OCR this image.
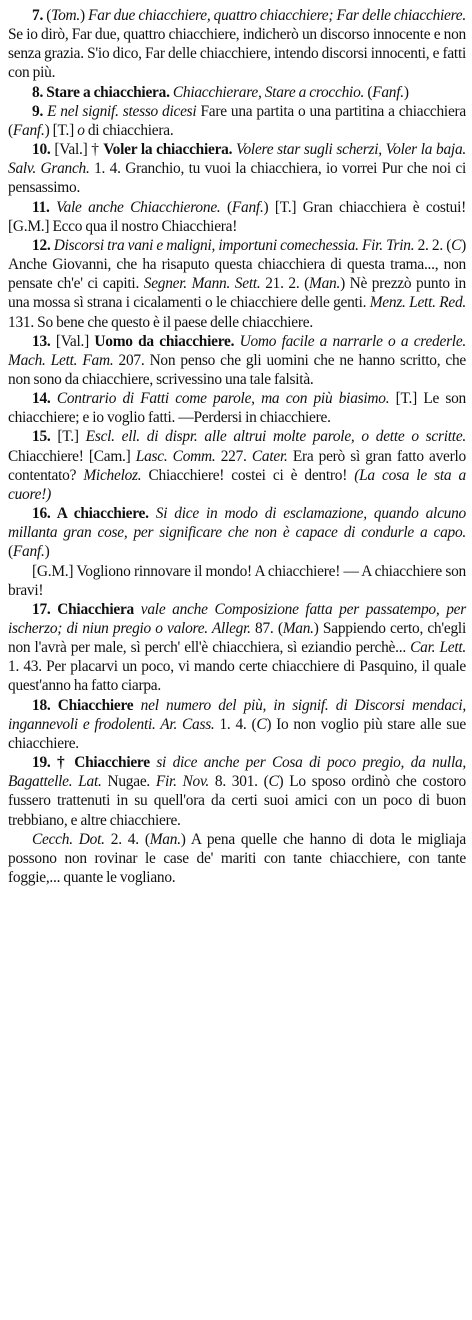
7. (Tom.) Far due chiacchiere, quattro chiacchiere; Far delle chiacchiere. Se io dirò, Far due, quattro chiacchiere, indicherò un discorso innocente e non senza grazia. S'io dico, Far delle chiacchiere, intendo discorsi innocenti, e fatti con più.

8. Stare a chiacchiera. Chiacchierare, Stare a crocchio. (Fanf.)

9. E nel signif. stesso dicesi Fare una partita o una partitina a chiacchiera (Fanf.) [T.] o di chiacchiera.

10. [Val.] † Voler la chiacchiera. Volere star sugli scherzi, Voler la baja. Salv. Granch. 1. 4. Granchio, tu vuoi la chiacchiera, io vorrei Pur che noi ci pensassimo.

11. Vale anche Chiacchierone. (Fanf.) [T.] Gran chiacchiera è costui! [G.M.] Ecco qua il nostro Chiacchiera!

12. Discorsi tra vani e maligni, importuni comechessia. Fir. Trin. 2. 2. (C) Anche Giovanni, che ha risaputo questa chiacchiera di questa trama..., non pensate ch'e' ci capiti. Segner. Mann. Sett. 21. 2. (Man.) Nè prezzò punto in una mossa sì strana i cicalamenti o le chiacchiere delle genti. Menz. Lett. Red. 131. So bene che questo è il paese delle chiacchiere.

13. [Val.] Uomo da chiacchiere. Uomo facile a narrarle o a crederle. Mach. Lett. Fam. 207. Non penso che gli uomini che ne hanno scritto, che non sono da chiacchiere, scrivessino una tale falsità.

14. Contrario di Fatti come parole, ma con più biasimo. [T.] Le son chiacchiere; e io voglio fatti. —Perdersi in chiacchiere.

15. [T.] Escl. ell. di dispr. alle altrui molte parole, o dette o scritte. Chiacchiere! [Cam.] Lasc. Comm. 227. Cater. Era però sì gran fatto averlo contentato? Micheloz. Chiacchiere! costei ci è dentro! (La cosa le sta a cuore!)

16. A chiacchiere. Si dice in modo di esclamazione, quando alcuno millanta gran cose, per significare che non è capace di condurle a capo. (Fanf.)

[G.M.] Vogliono rinnovare il mondo! A chiacchiere! — A chiacchiere son bravi!

17. Chiacchiera vale anche Composizione fatta per passatempo, per ischerzo; di niun pregio o valore. Allegr. 87. (Man.) Sappiendo certo, ch'egli non l'avrà per male, sì perch' ell'è chiacchiera, sì eziandio perchè... Car. Lett. 1. 43. Per placarvi un poco, vi mando certe chiacchiere di Pasquino, il quale quest'anno ha fatto ciarpa.

18. Chiacchiere nel numero del più, in signif. di Discorsi mendaci, ingannevoli e frodolenti. Ar. Cass. 1. 4. (C) Io non voglio più stare alle sue chiacchiere.

19. † Chiacchiere si dice anche per Cosa di poco pregio, da nulla, Bagattelle. Lat. Nugae. Fir. Nov. 8. 301. (C) Lo sposo ordinò che costoro fussero trattenuti in su quell'ora da certi suoi amici con un poco di buon trebbiano, e altre chiacchiere.

Cecch. Dot. 2. 4. (Man.) A pena quelle che hanno di dota le migliaja possono non rovinar le case de' mariti con tante chiacchiere, con tante foggie,... quante le vogliano.
